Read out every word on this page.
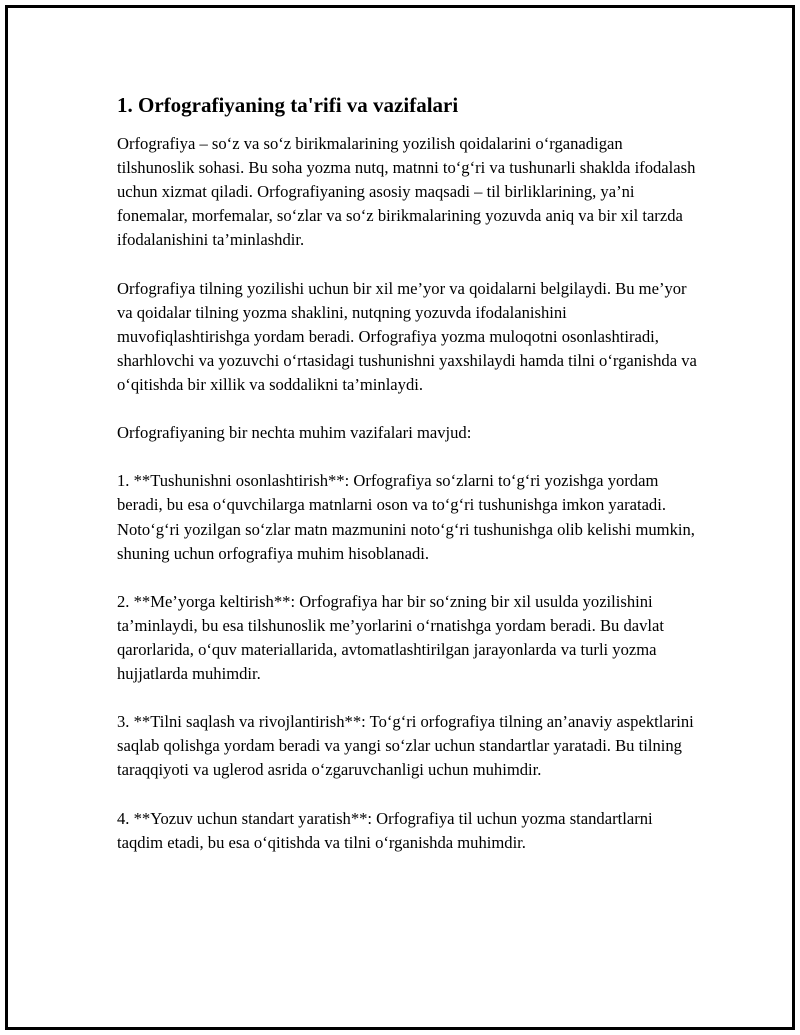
1. Orfografiyaning ta'rifi va vazifalari

Orfografiya – so‘z va so‘z birikmalarining yozilish qoidalarini o‘rganadigan tilshunoslik sohasi. Bu soha yozma nutq, matnni to‘g‘ri va tushunarli shaklda ifodalash uchun xizmat qiladi. Orfografiyaning asosiy maqsadi – til birliklarining, ya’ni fonemalar, morfemalar, so‘zlar va so‘z birikmalarining yozuvda aniq va bir xil tarzda ifodalanishini ta’minlashdir.

Orfografiya tilning yozilishi uchun bir xil me’yor va qoidalarni belgilaydi. Bu me’yor va qoidalar tilning yozma shaklini, nutqning yozuvda ifodalanishini muvofiqlashtirishga yordam beradi. Orfografiya yozma muloqotni osonlashtiradi, sharhlovchi va yozuvchi o‘rtasidagi tushunishni yaxshilaydi hamda tilni o‘rganishda va o‘qitishda bir xillik va soddalikni ta’minlaydi.

Orfografiyaning bir nechta muhim vazifalari mavjud:

1. **Tushunishni osonlashtirish**: Orfografiya so‘zlarni to‘g‘ri yozishga yordam beradi, bu esa o‘quvchilarga matnlarni oson va to‘g‘ri tushunishga imkon yaratadi. Noto‘g‘ri yozilgan so‘zlar matn mazmunini noto‘g‘ri tushunishga olib kelishi mumkin, shuning uchun orfografiya muhim hisoblanadi.

2. **Me’yorga keltirish**: Orfografiya har bir so‘zning bir xil usulda yozilishini ta’minlaydi, bu esa tilshunoslik me’yorlarini o‘rnatishga yordam beradi. Bu davlat qarorlarida, o‘quv materiallarida, avtomatlashtirilgan jarayonlarda va turli yozma hujjatlarda muhimdir.

3. **Tilni saqlash va rivojlantirish**: To‘g‘ri orfografiya tilning an’anaviy aspektlarini saqlab qolishga yordam beradi va yangi so‘zlar uchun standartlar yaratadi. Bu tilning taraqqiyoti va uglerod asrida o‘zgaruvchanligi uchun muhimdir.

4. **Yozuv uchun standart yaratish**: Orfografiya til uchun yozma standartlarni taqdim etadi, bu esa o‘qitishda va tilni o‘rganishda muhimdir.
